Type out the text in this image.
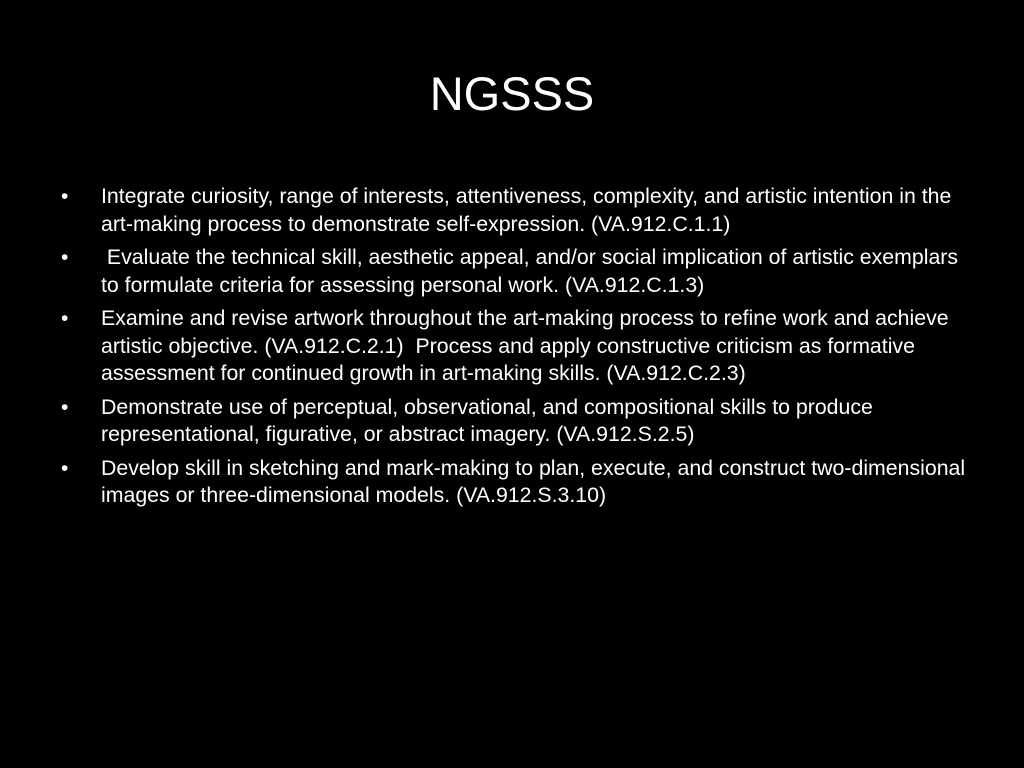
NGSSS
•	Integrate curiosity, range of interests, attentiveness, complexity, and artistic intention in the art-making process to demonstrate self-expression. (VA.912.C.1.1)
•	Evaluate the technical skill, aesthetic appeal, and/or social implication of artistic exemplars to formulate criteria for assessing personal work. (VA.912.C.1.3)
•	Examine and revise artwork throughout the art-making process to refine work and achieve artistic objective. (VA.912.C.2.1)  Process and apply constructive criticism as formative assessment for continued growth in art-making skills. (VA.912.C.2.3)
•	Demonstrate use of perceptual, observational, and compositional skills to produce representational, figurative, or abstract imagery. (VA.912.S.2.5)
•	Develop skill in sketching and mark-making to plan, execute, and construct two-dimensional images or three-dimensional models. (VA.912.S.3.10)
